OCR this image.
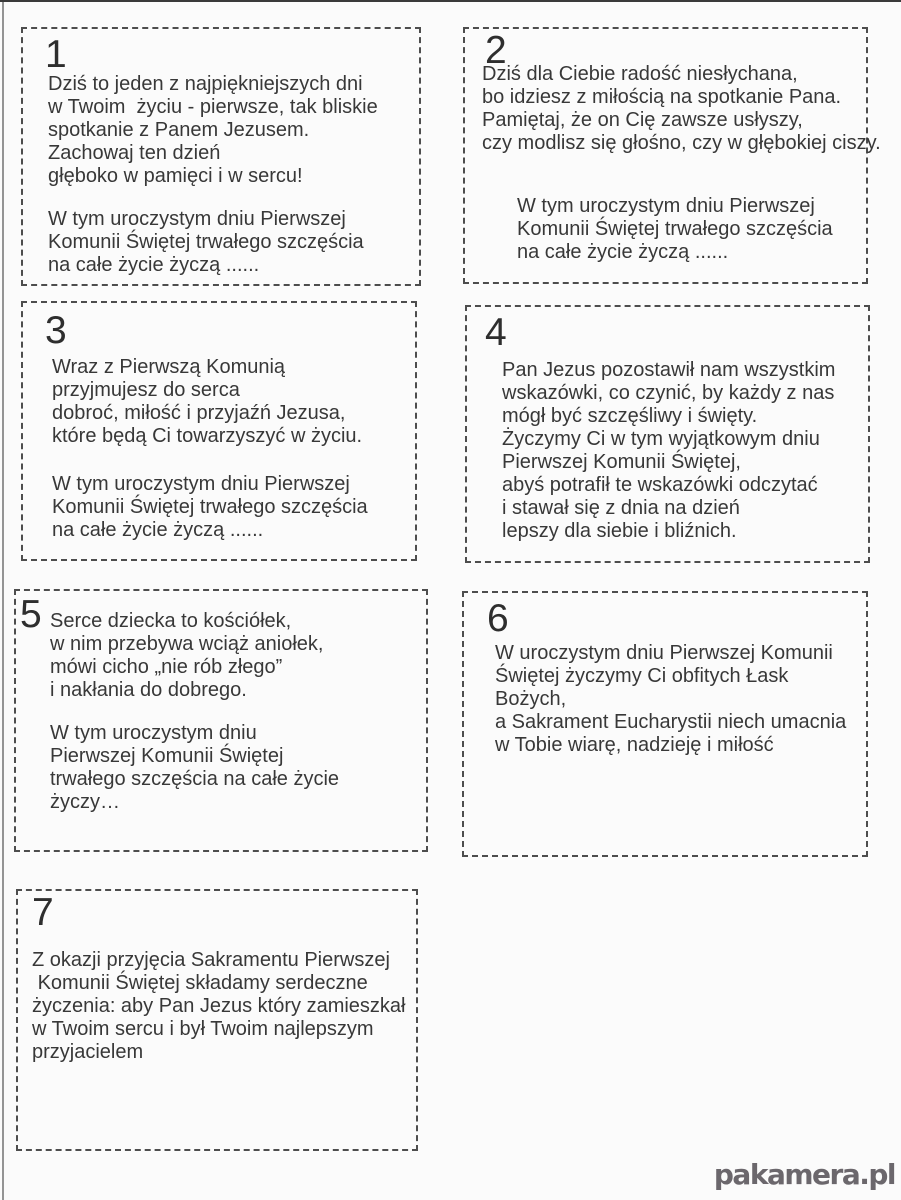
1
Dziś to jeden z najpiękniejszych dni
w Twoim  życiu - pierwsze, tak bliskie
spotkanie z Panem Jezusem.
Zachowaj ten dzień
głęboko w pamięci i w sercu!
W tym uroczystym dniu Pierwszej
Komunii Świętej trwałego szczęścia
na całe życie życzą ......
2
Dziś dla Ciebie radość niesłychana,
bo idziesz z miłością na spotkanie Pana.
Pamiętaj, że on Cię zawsze usłyszy,
czy modlisz się głośno, czy w głębokiej ciszy.
W tym uroczystym dniu Pierwszej
Komunii Świętej trwałego szczęścia
na całe życie życzą ......
3
Wraz z Pierwszą Komunią
przyjmujesz do serca
dobroć, miłość i przyjaźń Jezusa,
które będą Ci towarzyszyć w życiu.
W tym uroczystym dniu Pierwszej
Komunii Świętej trwałego szczęścia
na całe życie życzą ......
4
Pan Jezus pozostawił nam wszystkim
wskazówki, co czynić, by każdy z nas
mógł być szczęśliwy i święty.
Życzymy Ci w tym wyjątkowym dniu
Pierwszej Komunii Świętej,
abyś potrafił te wskazówki odczytać
i stawał się z dnia na dzień
lepszy dla siebie i bliźnich.
5 Serce dziecka to kościółek,
w nim przebywa wciąż aniołek,
mówi cicho „nie rób złego”
i nakłania do dobrego.
W tym uroczystym dniu
Pierwszej Komunii Świętej
trwałego szczęścia na całe życie
życzy…
6
W uroczystym dniu Pierwszej Komunii
Świętej życzymy Ci obfitych Łask Bożych,
a Sakrament Eucharystii niech umacnia
w Tobie wiarę, nadzieję i miłość
7
Z okazji przyjęcia Sakramentu Pierwszej
Komunii Świętej składamy serdeczne
życzenia: aby Pan Jezus który zamieszkał
w Twoim sercu i był Twoim najlepszym
przyjacielem
pakamera.pl
